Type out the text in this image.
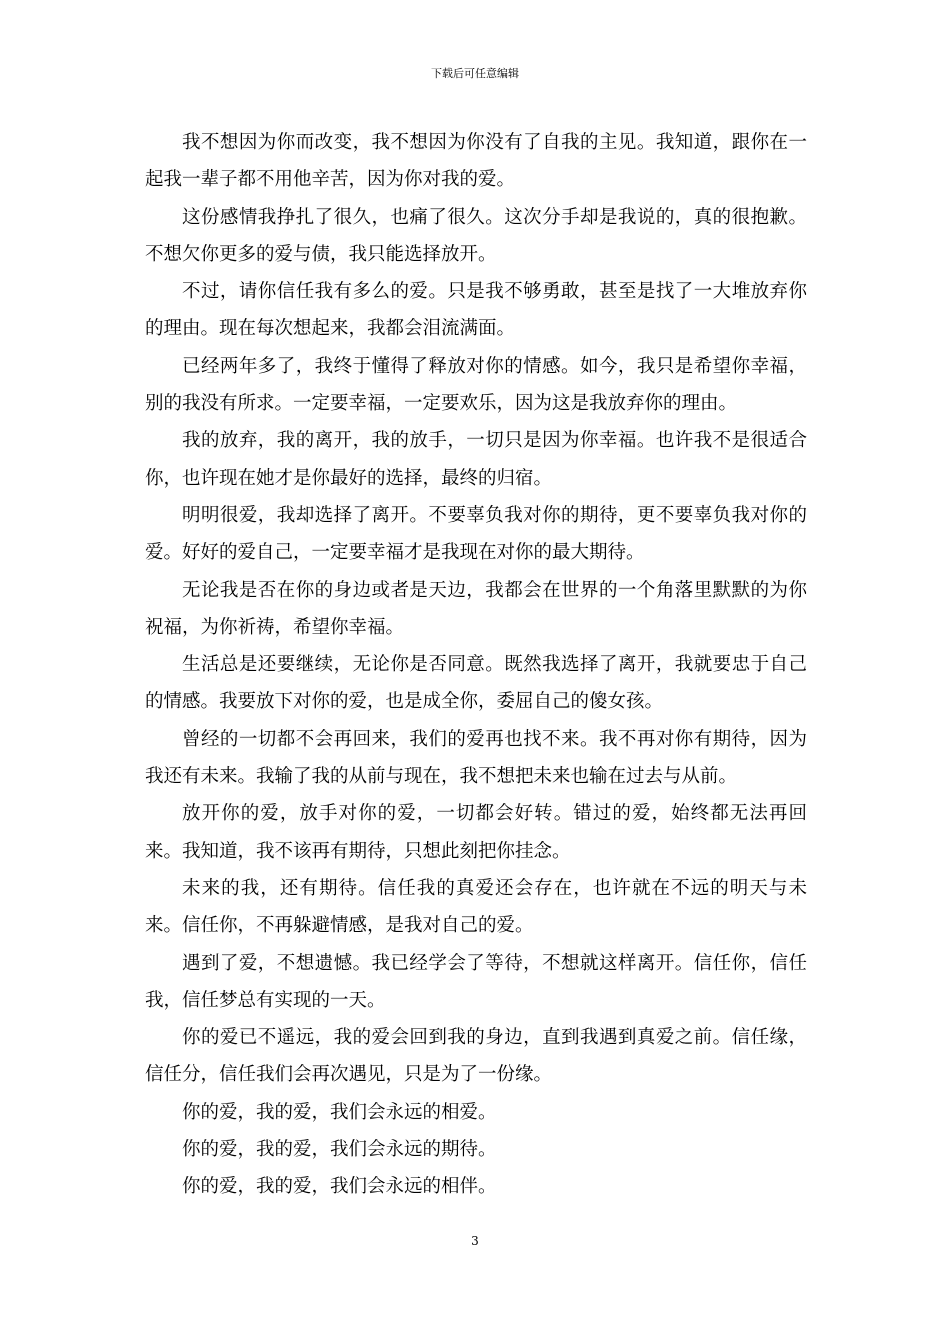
下载后可任意编辑

我不想因为你而改变，我不想因为你没有了自我的主见。我知道，跟你在一起我一辈子都不用他辛苦，因为你对我的爱。

这份感情我挣扎了很久，也痛了很久。这次分手却是我说的，真的很抱歉。不想欠你更多的爱与债，我只能选择放开。

不过，请你信任我有多么的爱。只是我不够勇敢，甚至是找了一大堆放弃你的理由。现在每次想起来，我都会泪流满面。

已经两年多了，我终于懂得了释放对你的情感。如今，我只是希望你幸福，别的我没有所求。一定要幸福，一定要欢乐，因为这是我放弃你的理由。

我的放弃，我的离开，我的放手，一切只是因为你幸福。也许我不是很适合你，也许现在她才是你最好的选择，最终的归宿。

明明很爱，我却选择了离开。不要辜负我对你的期待，更不要辜负我对你的爱。好好的爱自己，一定要幸福才是我现在对你的最大期待。

无论我是否在你的身边或者是天边，我都会在世界的一个角落里默默的为你祝福，为你祈祷，希望你幸福。

生活总是还要继续，无论你是否同意。既然我选择了离开，我就要忠于自己的情感。我要放下对你的爱，也是成全你，委屈自己的傻女孩。

曾经的一切都不会再回来，我们的爱再也找不来。我不再对你有期待，因为我还有未来。我输了我的从前与现在，我不想把未来也输在过去与从前。

放开你的爱，放手对你的爱，一切都会好转。错过的爱，始终都无法再回来。我知道，我不该再有期待，只想此刻把你挂念。

未来的我，还有期待。信任我的真爱还会存在，也许就在不远的明天与未来。信任你，不再躲避情感，是我对自己的爱。

遇到了爱，不想遗憾。我已经学会了等待，不想就这样离开。信任你，信任我，信任梦总有实现的一天。

你的爱已不遥远，我的爱会回到我的身边，直到我遇到真爱之前。信任缘，信任分，信任我们会再次遇见，只是为了一份缘。

你的爱，我的爱，我们会永远的相爱。

你的爱，我的爱，我们会永远的期待。

你的爱，我的爱，我们会永远的相伴。

3
